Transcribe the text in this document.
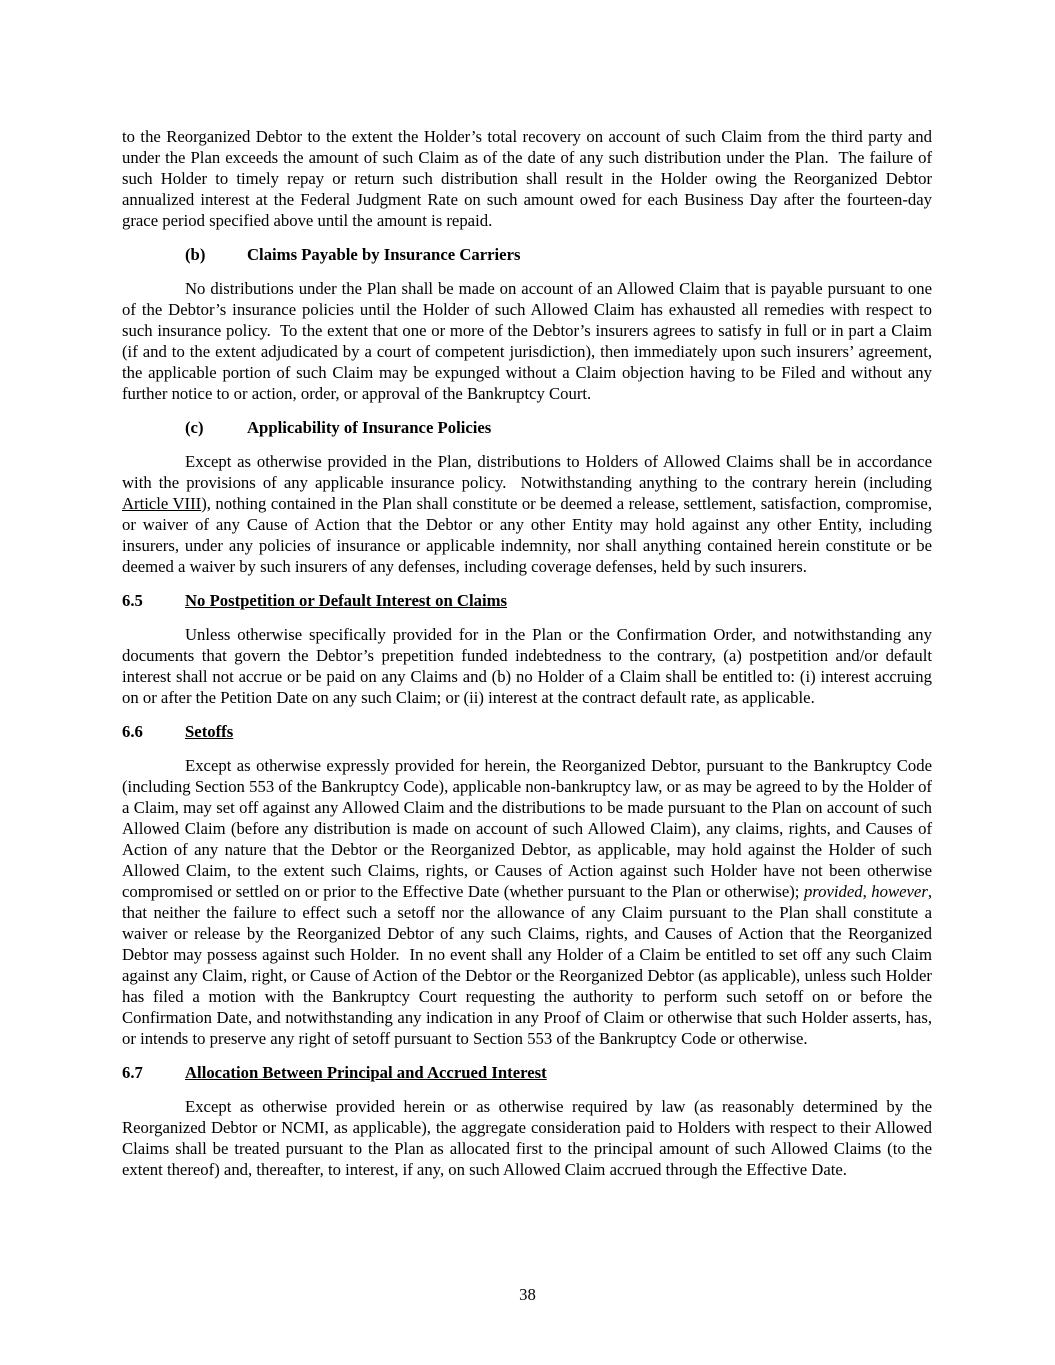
to the Reorganized Debtor to the extent the Holder’s total recovery on account of such Claim from the third party and under the Plan exceeds the amount of such Claim as of the date of any such distribution under the Plan.  The failure of such Holder to timely repay or return such distribution shall result in the Holder owing the Reorganized Debtor annualized interest at the Federal Judgment Rate on such amount owed for each Business Day after the fourteen-day grace period specified above until the amount is repaid.

(b)	Claims Payable by Insurance Carriers

No distributions under the Plan shall be made on account of an Allowed Claim that is payable pursuant to one of the Debtor’s insurance policies until the Holder of such Allowed Claim has exhausted all remedies with respect to such insurance policy.  To the extent that one or more of the Debtor’s insurers agrees to satisfy in full or in part a Claim (if and to the extent adjudicated by a court of competent jurisdiction), then immediately upon such insurers’ agreement, the applicable portion of such Claim may be expunged without a Claim objection having to be Filed and without any further notice to or action, order, or approval of the Bankruptcy Court.

(c)	Applicability of Insurance Policies

Except as otherwise provided in the Plan, distributions to Holders of Allowed Claims shall be in accordance with the provisions of any applicable insurance policy.  Notwithstanding anything to the contrary herein (including Article VIII), nothing contained in the Plan shall constitute or be deemed a release, settlement, satisfaction, compromise, or waiver of any Cause of Action that the Debtor or any other Entity may hold against any other Entity, including insurers, under any policies of insurance or applicable indemnity, nor shall anything contained herein constitute or be deemed a waiver by such insurers of any defenses, including coverage defenses, held by such insurers.

6.5	No Postpetition or Default Interest on Claims

Unless otherwise specifically provided for in the Plan or the Confirmation Order, and notwithstanding any documents that govern the Debtor’s prepetition funded indebtedness to the contrary, (a) postpetition and/or default interest shall not accrue or be paid on any Claims and (b) no Holder of a Claim shall be entitled to: (i) interest accruing on or after the Petition Date on any such Claim; or (ii) interest at the contract default rate, as applicable.

6.6	Setoffs

Except as otherwise expressly provided for herein, the Reorganized Debtor, pursuant to the Bankruptcy Code (including Section 553 of the Bankruptcy Code), applicable non-bankruptcy law, or as may be agreed to by the Holder of a Claim, may set off against any Allowed Claim and the distributions to be made pursuant to the Plan on account of such Allowed Claim (before any distribution is made on account of such Allowed Claim), any claims, rights, and Causes of Action of any nature that the Debtor or the Reorganized Debtor, as applicable, may hold against the Holder of such Allowed Claim, to the extent such Claims, rights, or Causes of Action against such Holder have not been otherwise compromised or settled on or prior to the Effective Date (whether pursuant to the Plan or otherwise); provided, however, that neither the failure to effect such a setoff nor the allowance of any Claim pursuant to the Plan shall constitute a waiver or release by the Reorganized Debtor of any such Claims, rights, and Causes of Action that the Reorganized Debtor may possess against such Holder.  In no event shall any Holder of a Claim be entitled to set off any such Claim against any Claim, right, or Cause of Action of the Debtor or the Reorganized Debtor (as applicable), unless such Holder has filed a motion with the Bankruptcy Court requesting the authority to perform such setoff on or before the Confirmation Date, and notwithstanding any indication in any Proof of Claim or otherwise that such Holder asserts, has, or intends to preserve any right of setoff pursuant to Section 553 of the Bankruptcy Code or otherwise.

6.7	Allocation Between Principal and Accrued Interest

Except as otherwise provided herein or as otherwise required by law (as reasonably determined by the Reorganized Debtor or NCMI, as applicable), the aggregate consideration paid to Holders with respect to their Allowed Claims shall be treated pursuant to the Plan as allocated first to the principal amount of such Allowed Claims (to the extent thereof) and, thereafter, to interest, if any, on such Allowed Claim accrued through the Effective Date.

38
